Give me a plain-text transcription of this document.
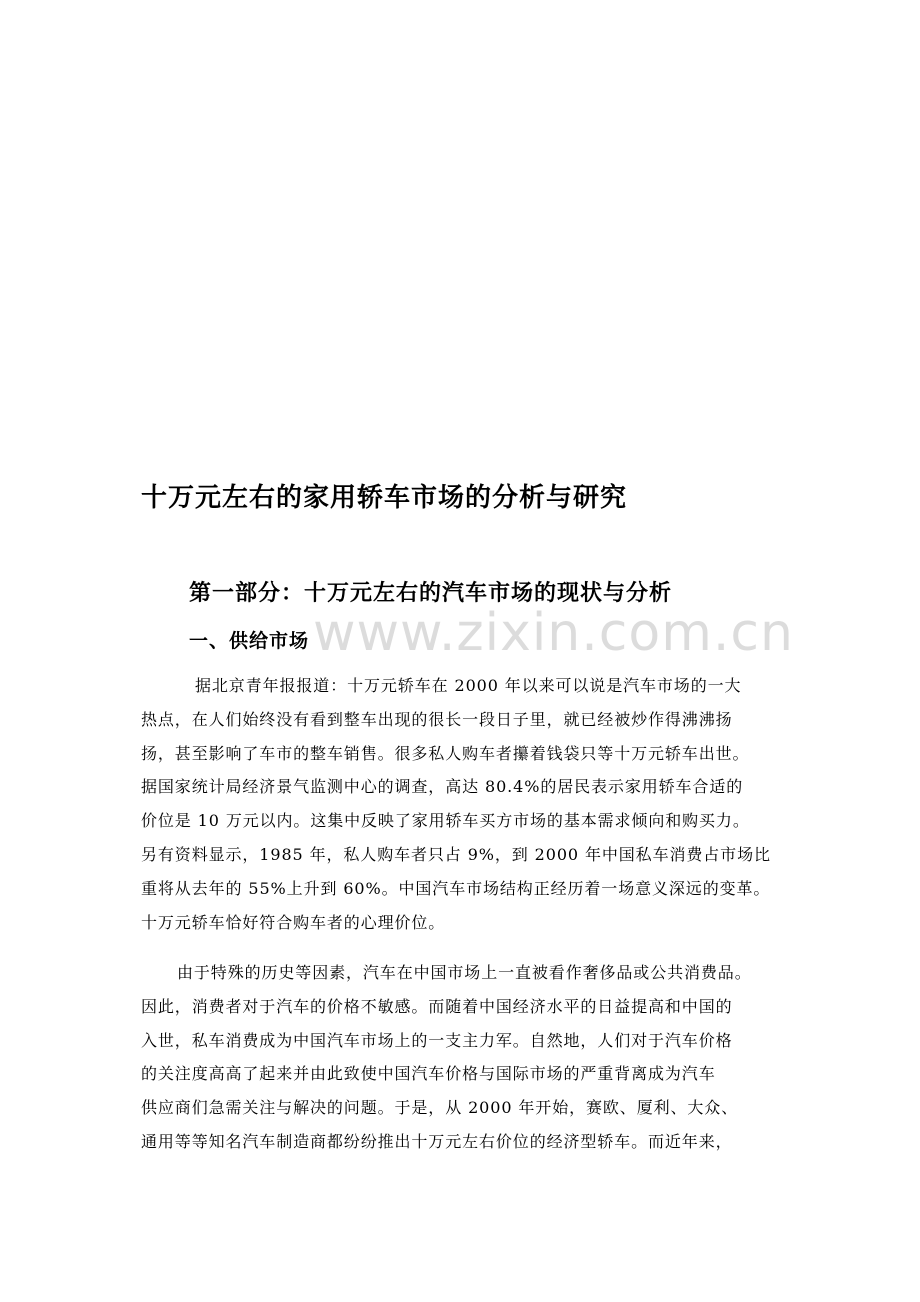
十万元左右的家用轿车市场的分析与研究
第一部分：十万元左右的汽车市场的现状与分析
www.zixin.com.cn
一、供给市场
据北京青年报报道：十万元轿车在 2000 年以来可以说是汽车市场的一大
热点，在人们始终没有看到整车出现的很长一段日子里，就已经被炒作得沸沸扬
扬，甚至影响了车市的整车销售。很多私人购车者攥着钱袋只等十万元轿车出世。
据国家统计局经济景气监测中心的调查，高达 80.4%的居民表示家用轿车合适的
价位是 10 万元以内。这集中反映了家用轿车买方市场的基本需求倾向和购买力。
另有资料显示，1985 年，私人购车者只占 9%，到 2000 年中国私车消费占市场比
重将从去年的 55%上升到 60%。中国汽车市场结构正经历着一场意义深远的变革。
十万元轿车恰好符合购车者的心理价位。
由于特殊的历史等因素，汽车在中国市场上一直被看作奢侈品或公共消费品。
因此，消费者对于汽车的价格不敏感。而随着中国经济水平的日益提高和中国的
入世，私车消费成为中国汽车市场上的一支主力军。自然地，人们对于汽车价格
的关注度高高了起来并由此致使中国汽车价格与国际市场的严重背离成为汽车
供应商们急需关注与解决的问题。于是，从 2000 年开始，赛欧、厦利、大众、
通用等等知名汽车制造商都纷纷推出十万元左右价位的经济型轿车。而近年来，
